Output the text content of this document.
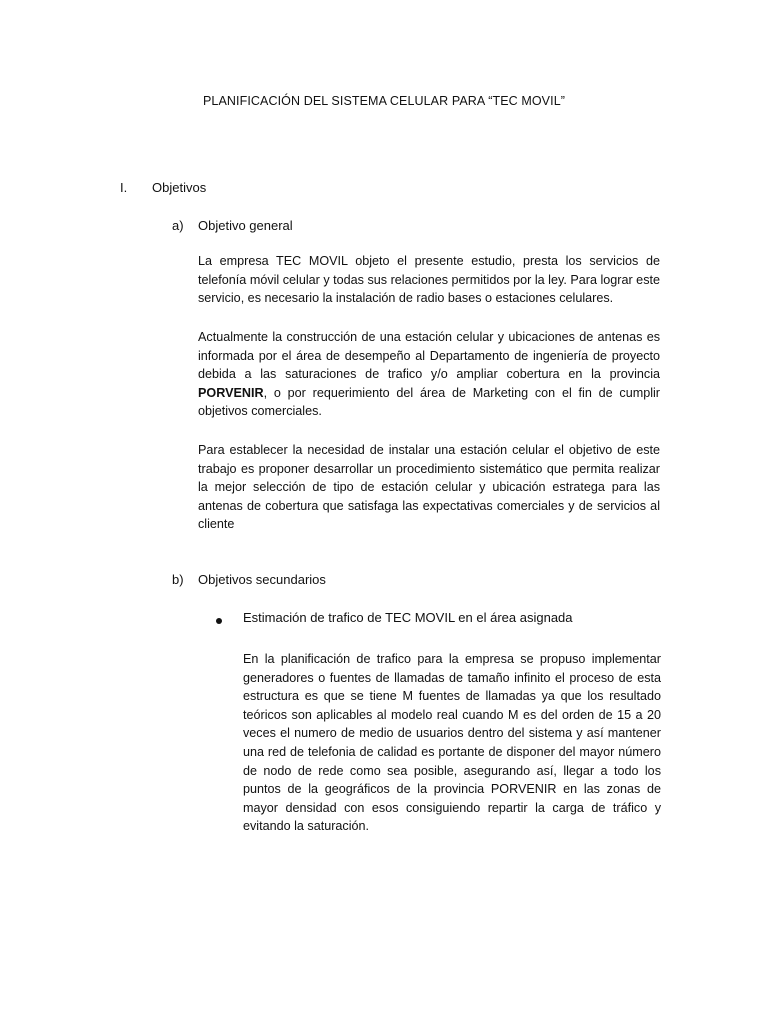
PLANIFICACIÓN DEL SISTEMA CELULAR PARA “TEC MOVIL”
I. Objetivos
a) Objetivo general

La empresa TEC MOVIL objeto el presente estudio, presta los servicios de telefonía móvil celular y todas sus relaciones permitidos por la ley. Para lograr este servicio, es necesario la instalación de radio bases o estaciones celulares.

Actualmente la construcción de una estación celular y ubicaciones de antenas es informada por el área de desempeño al Departamento de ingeniería de proyecto debida a las saturaciones de trafico y/o ampliar cobertura en la provincia PORVENIR, o por requerimiento del área de Marketing con el fin de cumplir objetivos comerciales.

Para establecer la necesidad de instalar una estación celular el objetivo de este trabajo es proponer desarrollar un procedimiento sistemático que permita realizar la mejor selección de tipo de estación celular y ubicación estratega para las antenas de cobertura que satisfaga las expectativas comerciales y de servicios al cliente

b) Objetivos secundarios
Estimación de trafico de TEC MOVIL en el área asignada

En la planificación de trafico para la empresa se propuso implementar generadores o fuentes de llamadas de tamaño infinito el proceso de esta estructura es que se tiene M fuentes de llamadas ya que los resultado teóricos son aplicables al modelo real cuando M es del orden de 15 a 20 veces el numero de medio de usuarios dentro del sistema y así mantener una red de telefonia de calidad es portante de disponer del mayor número de nodo de rede como sea posible, asegurando así, llegar a todo los puntos de la geográficos de la provincia PORVENIR en las zonas de mayor densidad con esos consiguiendo repartir la carga de tráfico y evitando la saturación.
